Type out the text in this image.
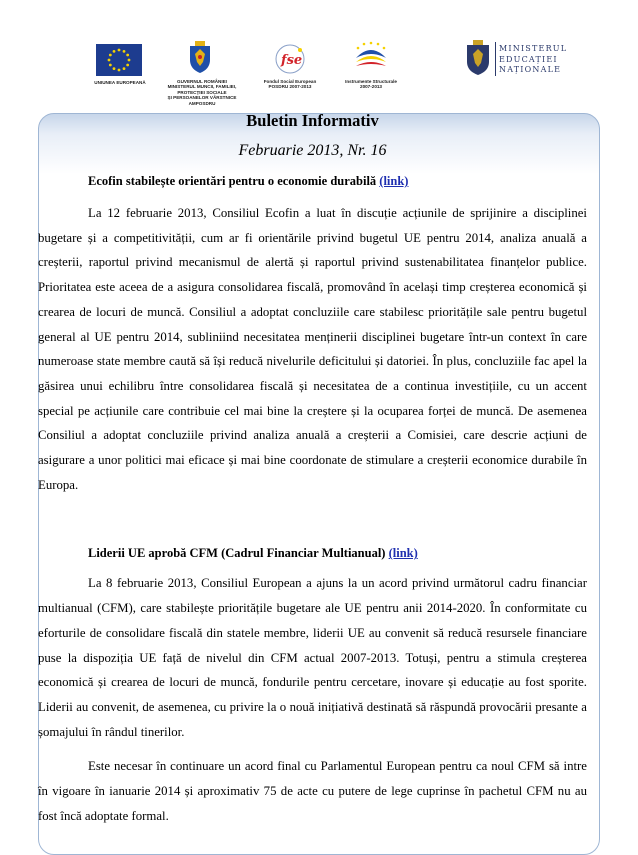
UNIUNEA EUROPEANĂ	GUVERNUL ROMÂNIEI
MINISTERUL MUNCII, FAMILIEI,
PROTECȚIEI SOCIALE
ȘI PERSOANELOR VÂRSTNICE
AMPOSDRU
fse
Fondul Social European
POSDRU 2007-2013
Instrumente Structurale
2007-2013
MINISTERUL
EDUCAȚIEI
NAȚIONALE
Buletin Informativ

Februarie 2013, Nr. 16

Ecofin stabilește orientări pentru o economie durabilă (link)

La 12 februarie 2013, Consiliul Ecofin a luat în discuție acțiunile de sprijinire a disciplinei bugetare și a competitivității, cum ar fi orientările privind bugetul UE pentru 2014, analiza anuală a creșterii, raportul privind mecanismul de alertă și raportul privind sustenabilitatea finanțelor publice. Prioritatea este aceea de a asigura consolidarea fiscală, promovând în același timp creșterea economică și crearea de locuri de muncă. Consiliul a adoptat concluziile care stabilesc prioritățile sale pentru bugetul general al UE pentru 2014, subliniind necesitatea menținerii disciplinei bugetare într-un context în care numeroase state membre caută să își reducă nivelurile deficitului și datoriei. În plus, concluziile fac apel la găsirea unui echilibru între consolidarea fiscală și necesitatea de a continua investițiile, cu un accent special pe acțiunile care contribuie cel mai bine la creștere și la ocuparea forței de muncă. De asemenea Consiliul a adoptat concluziile privind analiza anuală a creșterii a Comisiei, care descrie acțiuni de asigurare a unor politici mai eficace și mai bine coordonate de stimulare a creșterii economice durabile în Europa.

Liderii UE aprobă CFM (Cadrul Financiar Multianual) (link)

La 8 februarie 2013, Consiliul European a ajuns la un acord privind următorul cadru financiar multianual (CFM), care stabilește prioritățile bugetare ale UE pentru anii 2014-2020. În conformitate cu eforturile de consolidare fiscală din statele membre, liderii UE au convenit să reducă resursele financiare puse la dispoziția UE față de nivelul din CFM actual 2007-2013. Totuși, pentru a stimula creșterea economică și crearea de locuri de muncă, fondurile pentru cercetare, inovare și educație au fost sporite. Liderii au convenit, de asemenea, cu privire la o nouă inițiativă destinată să răspundă provocării presante a șomajului în rândul tinerilor.

Este necesar în continuare un acord final cu Parlamentul European pentru ca noul CFM să intre în vigoare în ianuarie 2014 și aproximativ 75 de acte cu putere de lege cuprinse în pachetul CFM nu au fost încă adoptate formal.
